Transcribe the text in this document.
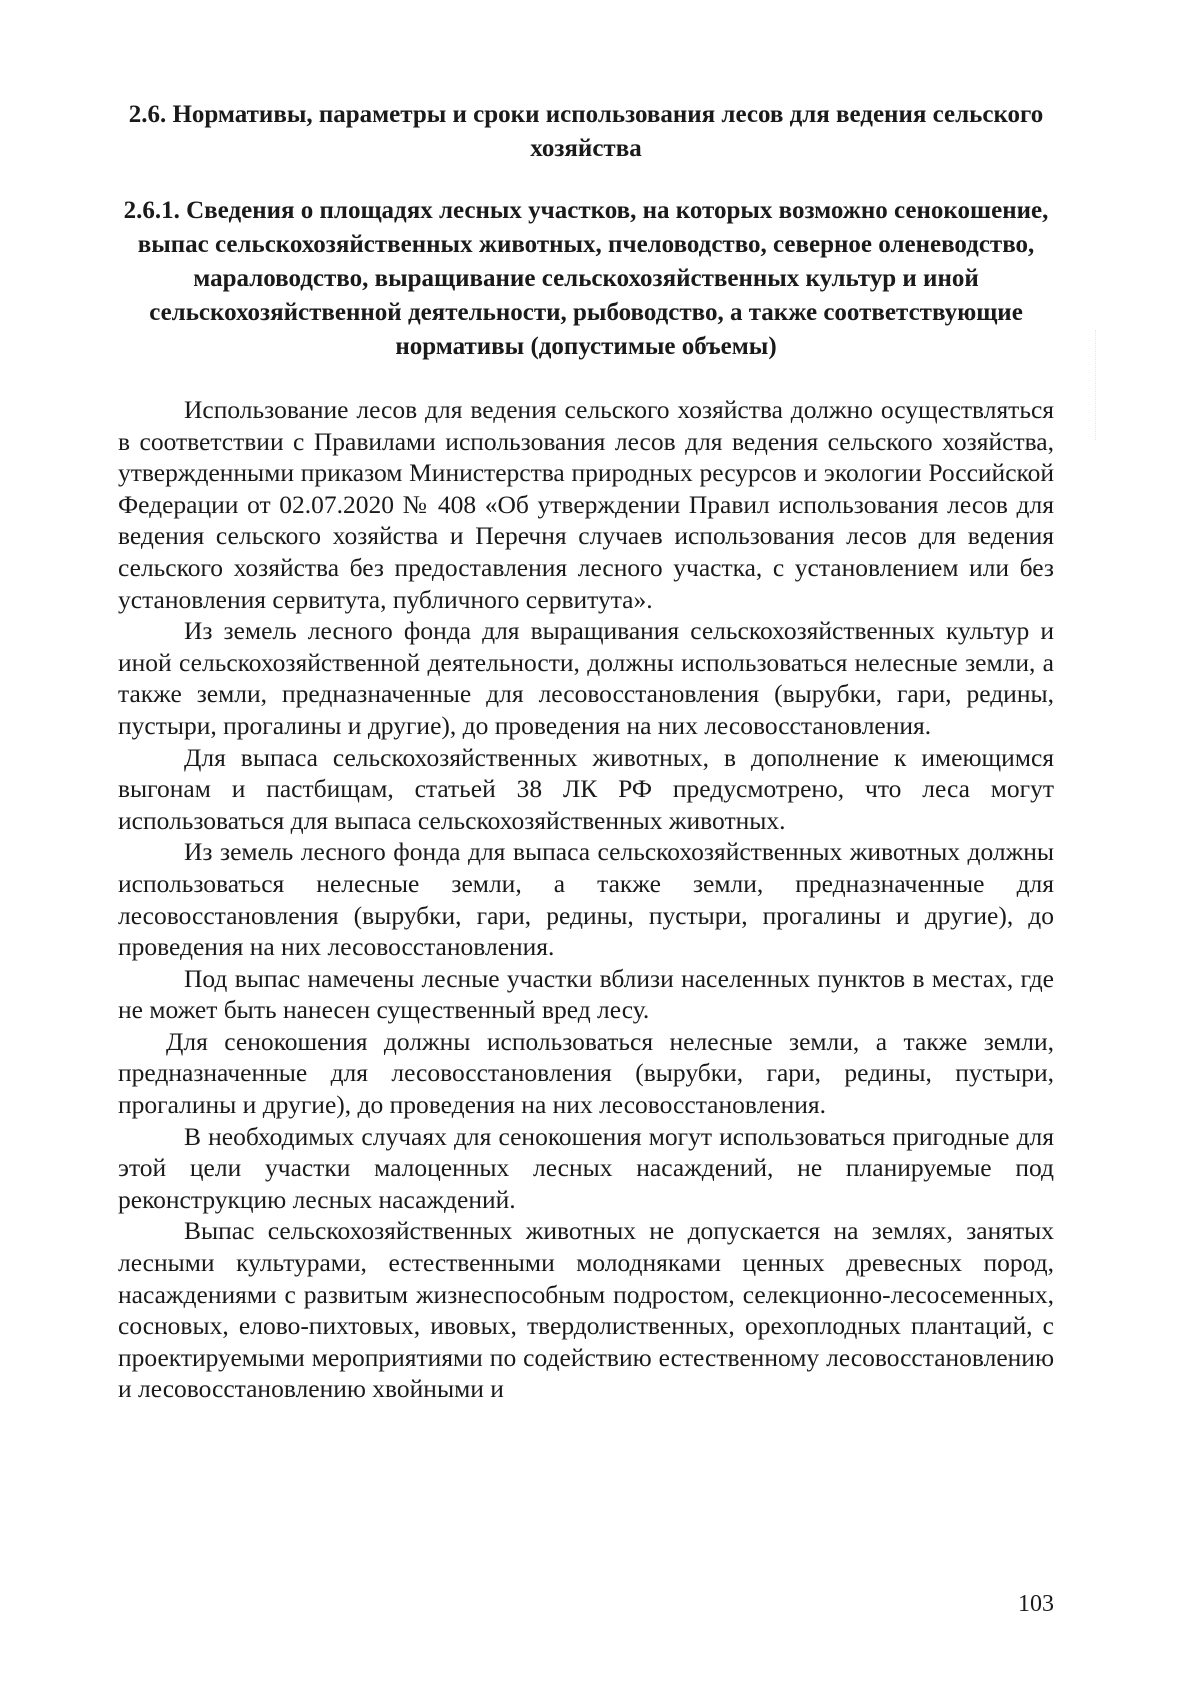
2.6. Нормативы, параметры и сроки использования лесов для ведения сельского хозяйства
2.6.1. Сведения о площадях лесных участков, на которых возможно сенокошение, выпас сельскохозяйственных животных, пчеловодство, северное оленеводство, мараловодство, выращивание сельскохозяйственных культур и иной сельскохозяйственной деятельности, рыбоводство, а также соответствующие нормативы (допустимые объемы)

Использование лесов для ведения сельского хозяйства должно осуществляться в соответствии с Правилами использования лесов для ведения сельского хозяйства, утвержденными приказом Министерства природных ресурсов и экологии Российской Федерации от 02.07.2020 № 408 «Об утверждении Правил использования лесов для ведения сельского хозяйства и Перечня случаев использования лесов для ведения сельского хозяйства без предоставления лесного участка, с установлением или без установления сервитута, публичного сервитута».

Из земель лесного фонда для выращивания сельскохозяйственных культур и иной сельскохозяйственной деятельности, должны использоваться нелесные земли, а также земли, предназначенные для лесовосстановления (вырубки, гари, редины, пустыри, прогалины и другие), до проведения на них лесовосстановления.

Для выпаса сельскохозяйственных животных, в дополнение к имеющимся выгонам и пастбищам, статьей 38 ЛК РФ предусмотрено, что леса могут использоваться для выпаса сельскохозяйственных животных.

Из земель лесного фонда для выпаса сельскохозяйственных животных должны использоваться нелесные земли, а также земли, предназначенные для лесовосстановления (вырубки, гари, редины, пустыри, прогалины и другие), до проведения на них лесовосстановления.

Под выпас намечены лесные участки вблизи населенных пунктов в местах, где не может быть нанесен существенный вред лесу.

Для сенокошения должны использоваться нелесные земли, а также земли, предназначенные для лесовосстановления (вырубки, гари, редины, пустыри, прогалины и другие), до проведения на них лесовосстановления.

В необходимых случаях для сенокошения могут использоваться пригодные для этой цели участки малоценных лесных насаждений, не планируемые под реконструкцию лесных насаждений.

Выпас сельскохозяйственных животных не допускается на землях, занятых лесными культурами, естественными молодняками ценных древесных пород, насаждениями с развитым жизнеспособным подростом, селекционно-лесосеменных, сосновых, елово-пихтовых, ивовых, твердолиственных, орехоплодных плантаций, с проектируемыми мероприятиями по содействию естественному лесовосстановлению и лесовосстановлению хвойными и

103
